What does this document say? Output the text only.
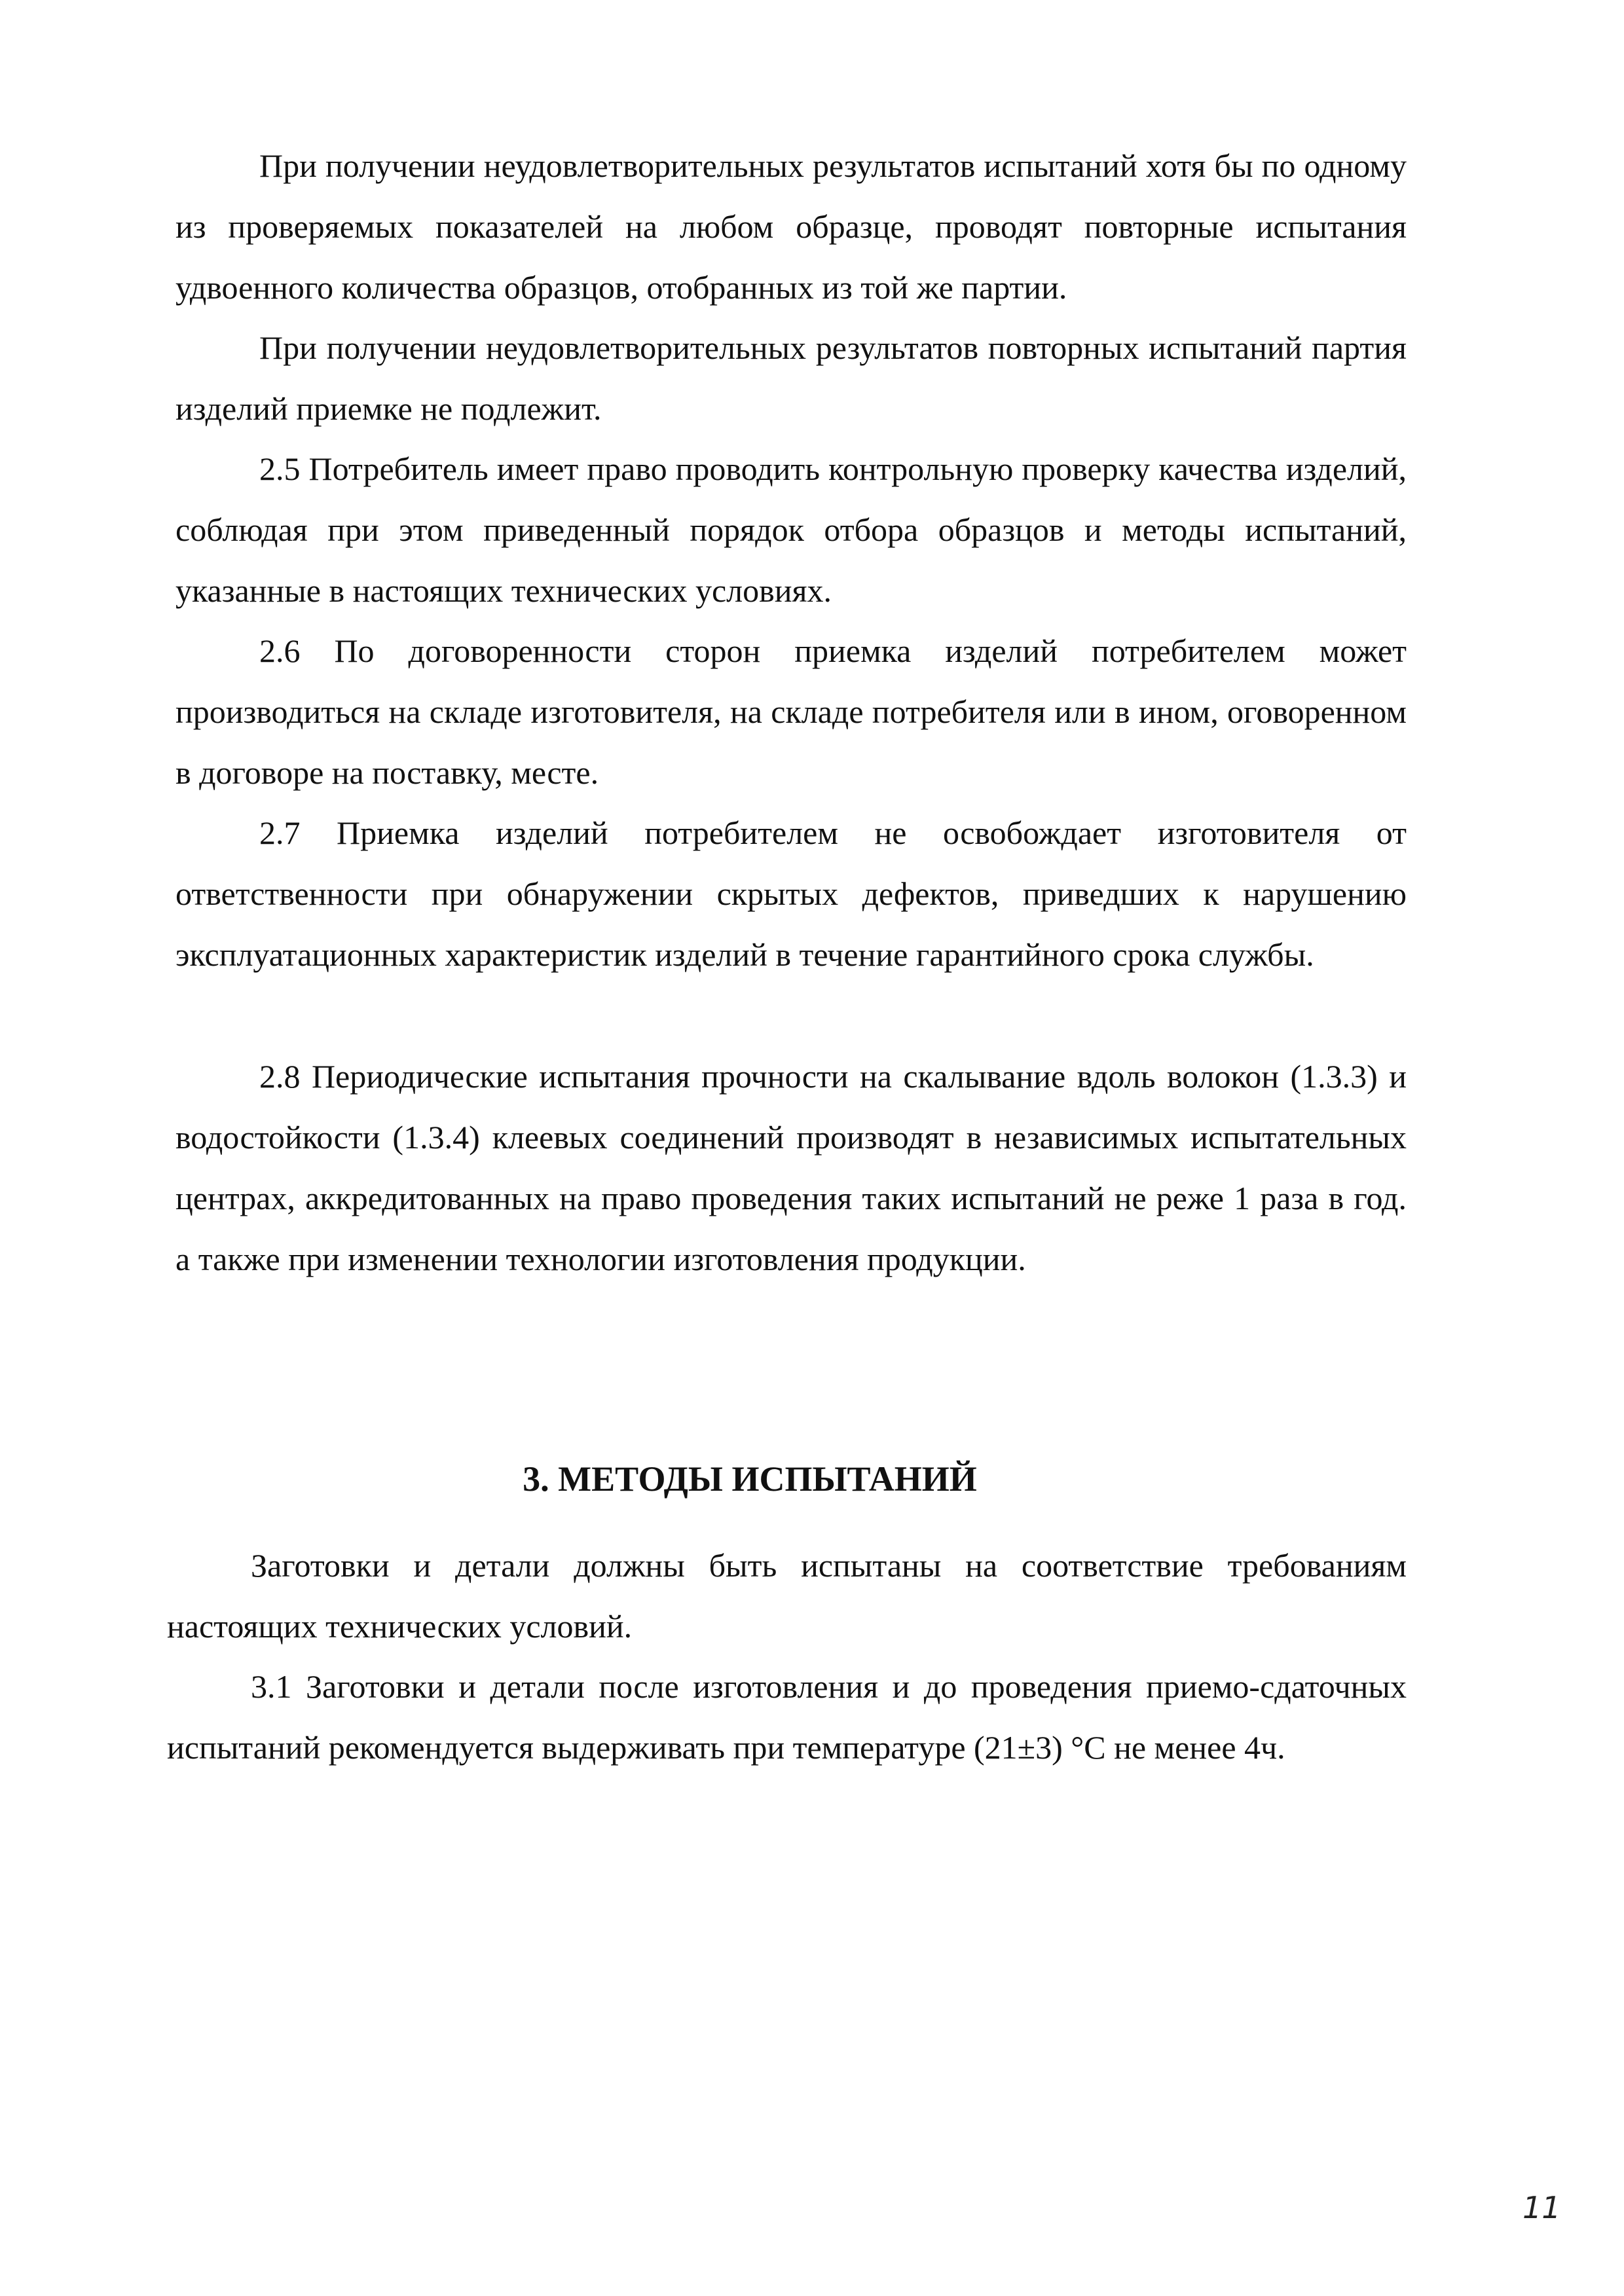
При получении неудовлетворительных результатов испытаний хотя бы по одному из проверяемых показателей на любом образце, проводят повторные испытания удвоенного количества образцов, отобранных из той же партии.

При получении неудовлетворительных результатов повторных испытаний партия изделий приемке не подлежит.

2.5 Потребитель имеет право проводить контрольную проверку качества изделий, соблюдая при этом приведенный порядок отбора образцов и методы испытаний, указанные в настоящих технических условиях.

2.6 По договоренности сторон приемка изделий потребителем может производиться на складе изготовителя, на складе потребителя или в ином, оговоренном в договоре на поставку, месте.

2.7 Приемка изделий потребителем не освобождает изготовителя от ответственности при обнаружении скрытых дефектов, приведших к нарушению эксплуатационных характеристик изделий в течение гарантийного срока службы.

2.8 Периодические испытания прочности на скалывание вдоль волокон (1.3.3) и водостойкости (1.3.4) клеевых соединений производят в независимых испытательных центрах, аккредитованных на право проведения таких испытаний не реже 1 раза в год. а также при изменении технологии изготовления продукции.

3. МЕТОДЫ ИСПЫТАНИЙ

Заготовки и детали должны быть испытаны на соответствие требованиям настоящих технических условий.

3.1 Заготовки и детали после изготовления и до проведения приемо-сдаточных испытаний рекомендуется выдерживать при температуре (21±3) °С не менее 4ч.

11
